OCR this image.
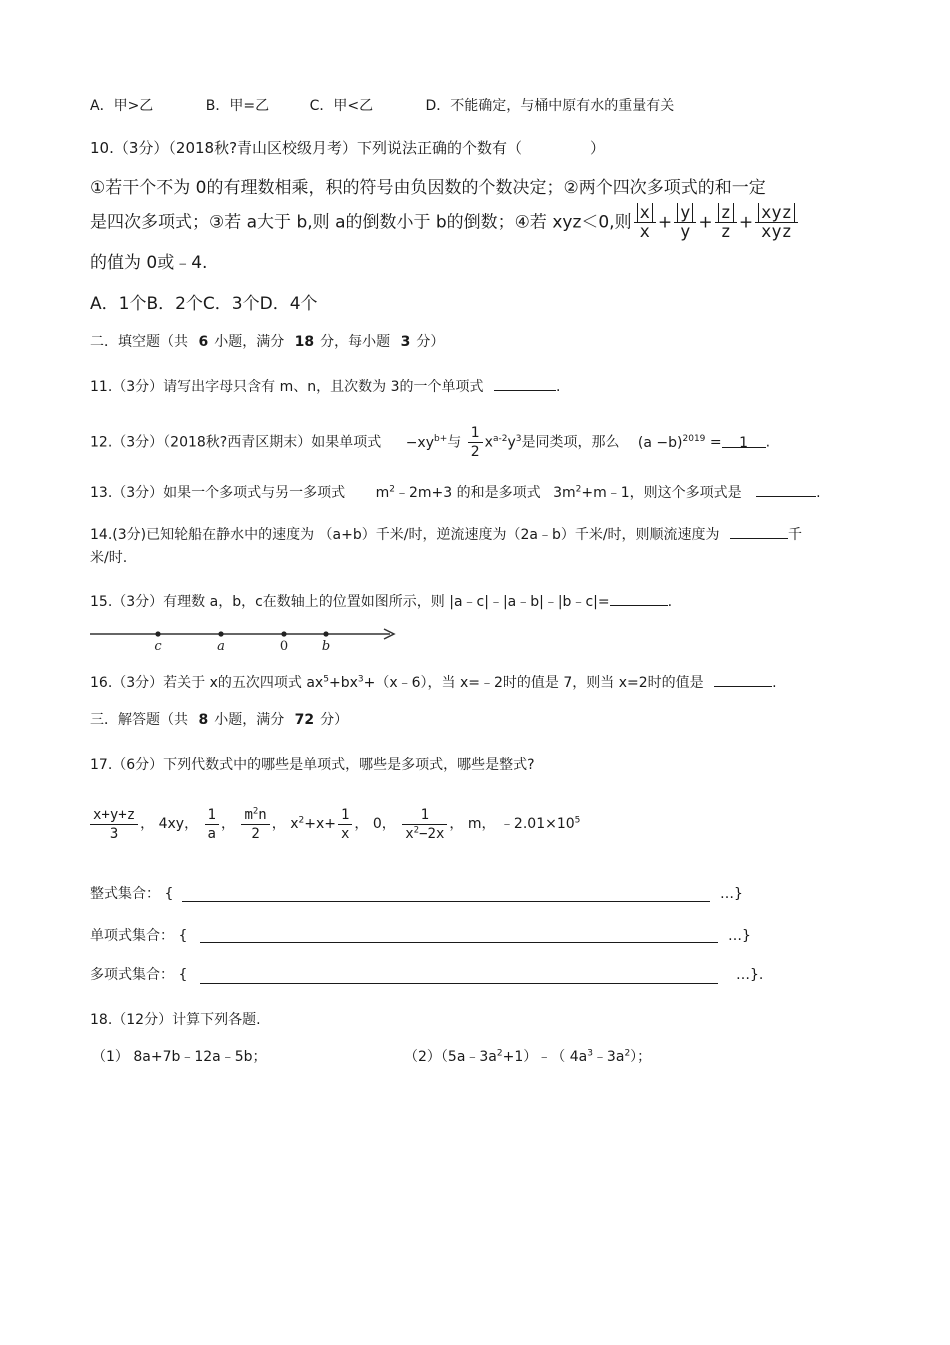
A．甲>乙	B．甲=乙	C．甲<乙	D．不能确定，与桶中原有水的重量有关
10.（3分）（2018秋?青山区校级月考）下列说法正确的个数有（	）
①若干个不为 0的有理数相乘，积的符号由负因数的个数决定；②两个四次多项式的和一定
是四次多项式；③若 a大于 b,则 a的倒数小于 b的倒数；④若 xyz＜0,则 $\frac{x}{x} + \frac{y}{y} + \frac{z}{z} + \frac{\text{xyz}}{\text{xyz}}$
的值为 0或﹣4.
A．1个B．2个C．3个D．4个
二．填空题（共 6 小题，满分 18 分，每小题 3 分）
11.（3分）请写出字母只含有 m、n，且次数为 3的一个单项式	.
12.（3分）（2018秋?西青区期末）如果单项式 $-xy^{b+}$与 $\frac{1}{2} x^{a-2}y^3$是同类项，那么 $(a -b)^{2019} = 1$ .
13.（3分）如果一个多项式与另一多项式 $m^2﹣2m+3$ 的和是多项式 $3m^2+m﹣1$，则这个多项式是	.
14.(3分)已知轮船在静水中的速度为 （a+b）千米/时，逆流速度为（2a﹣b）千米/时，则顺流速度为	千
米/时.
15.（3分）有理数 a，b，c在数轴上的位置如图所示，则 |a﹣c|﹣|a﹣b|﹣|b﹣c|=	.
c	a	0	b
16.（3分）若关于 x的五次四项式 $ax^5+bx^3+(x﹣6)$，当 x=﹣2时的值是 7，则当 x=2时的值是	.
三．解答题（共 8 小题，满分 72 分）
17.（6分）下列代数式中的哪些是单项式，哪些是多项式，哪些是整式?
$\frac{x+y+z}{3}$ ， 4xy， $\frac{1}{a}$ ， $\frac{m^2n}{2}$ ， $x^2+x+ \frac{1}{x}$ ， 0， $\frac{1}{x^2-2x}$ ， m， $﹣2.01\times 10^5$
整式集合： {	…}
单项式集合： {	…}
多项式集合： {	…}.
18.（12分）计算下列各题.
（1） 8a+7b﹣12a﹣5b；	$(2)(5a﹣3a^2+1)﹣$（ $4a^3﹣3a^2$）；
